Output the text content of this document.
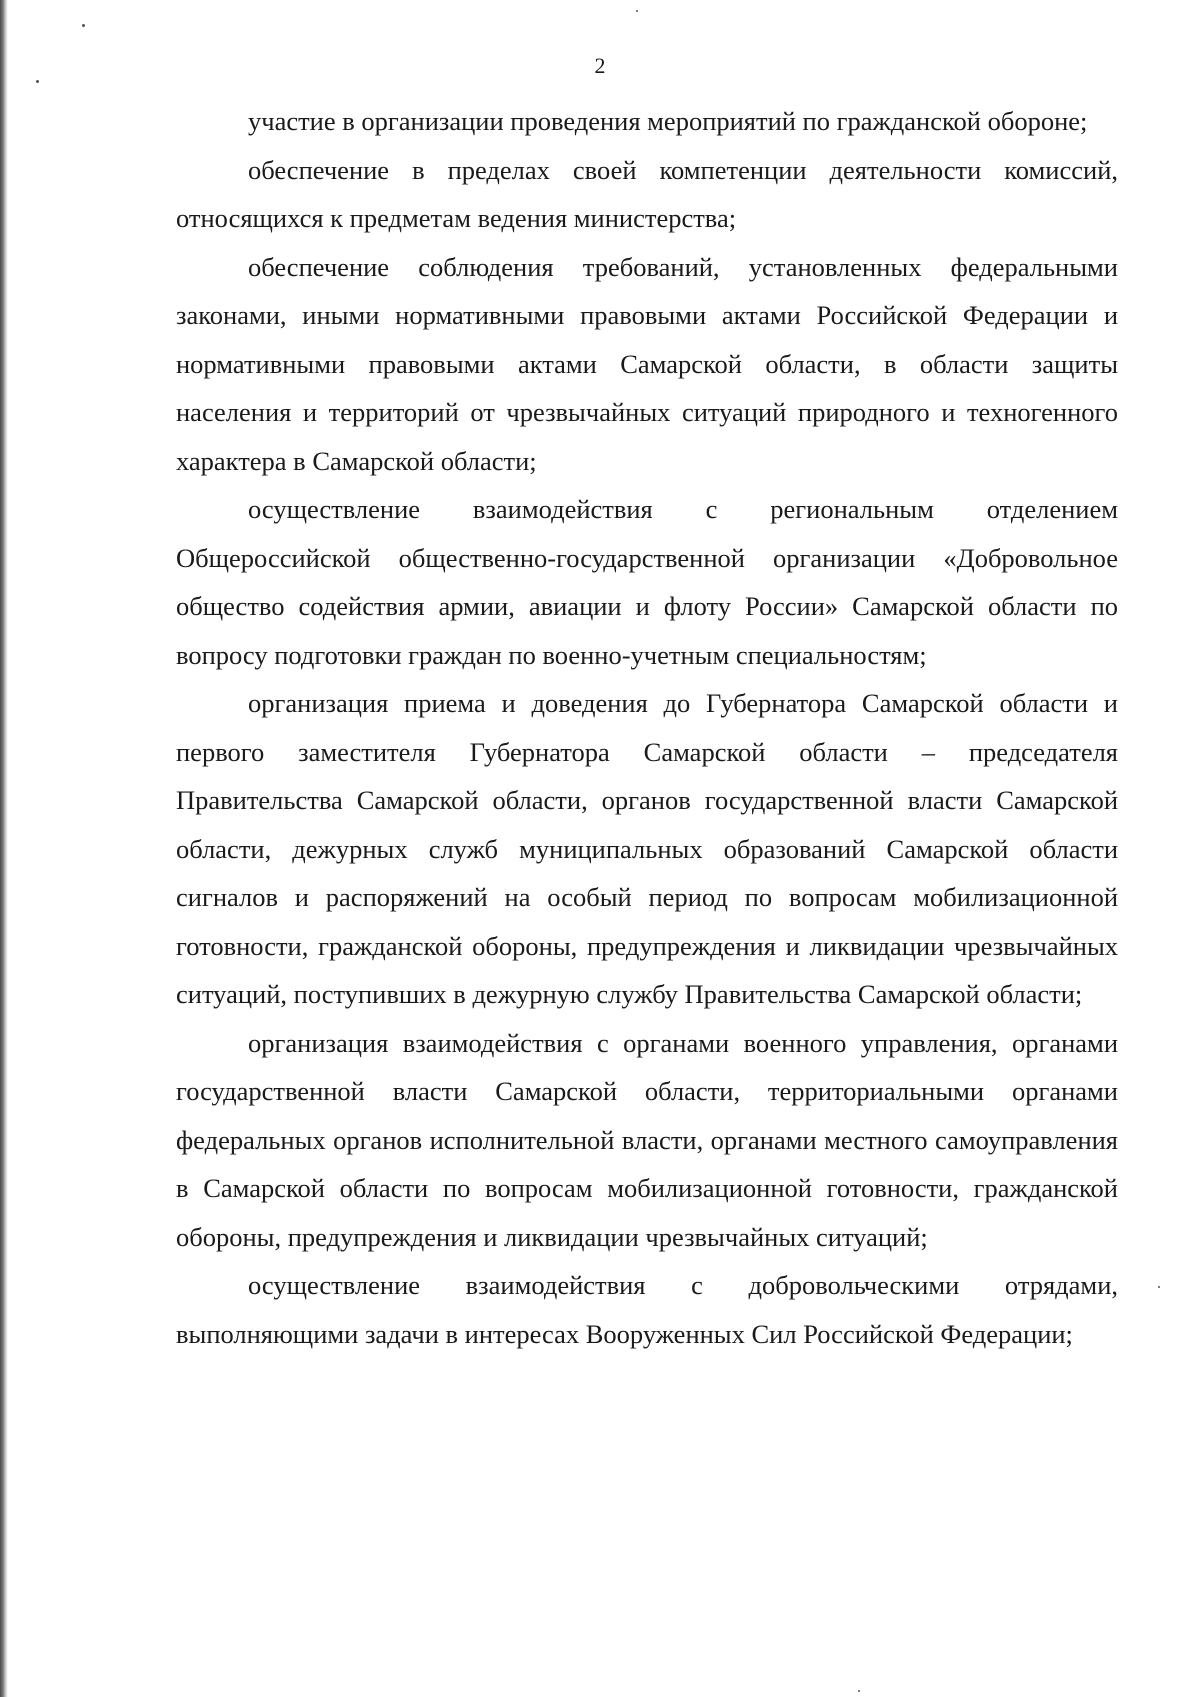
2

участие в организации проведения мероприятий по гражданской обороне;

обеспечение в пределах своей компетенции деятельности комиссий, относящихся к предметам ведения министерства;

обеспечение соблюдения требований, установленных федеральными законами, иными нормативными правовыми актами Российской Федерации и нормативными правовыми актами Самарской области, в области защиты населения и территорий от чрезвычайных ситуаций природного и техногенного характера в Самарской области;

осуществление взаимодействия с региональным отделением Общероссийской общественно-государственной организации «Добровольное общество содействия армии, авиации и флоту России» Самарской области по вопросу подготовки граждан по военно-учетным специальностям;

организация приема и доведения до Губернатора Самарской области и первого заместителя Губернатора Самарской области – председателя Правительства Самарской области, органов государственной власти Самарской области, дежурных служб муниципальных образований Самарской области сигналов и распоряжений на особый период по вопросам мобилизационной готовности, гражданской обороны, предупреждения и ликвидации чрезвычайных ситуаций, поступивших в дежурную службу Правительства Самарской области;

организация взаимодействия с органами военного управления, органами государственной власти Самарской области, территориальными органами федеральных органов исполнительной власти, органами местного самоуправления в Самарской области по вопросам мобилизационной готовности, гражданской обороны, предупреждения и ликвидации чрезвычайных ситуаций;

осуществление взаимодействия с добровольческими отрядами, выполняющими задачи в интересах Вооруженных Сил Российской Федерации;
